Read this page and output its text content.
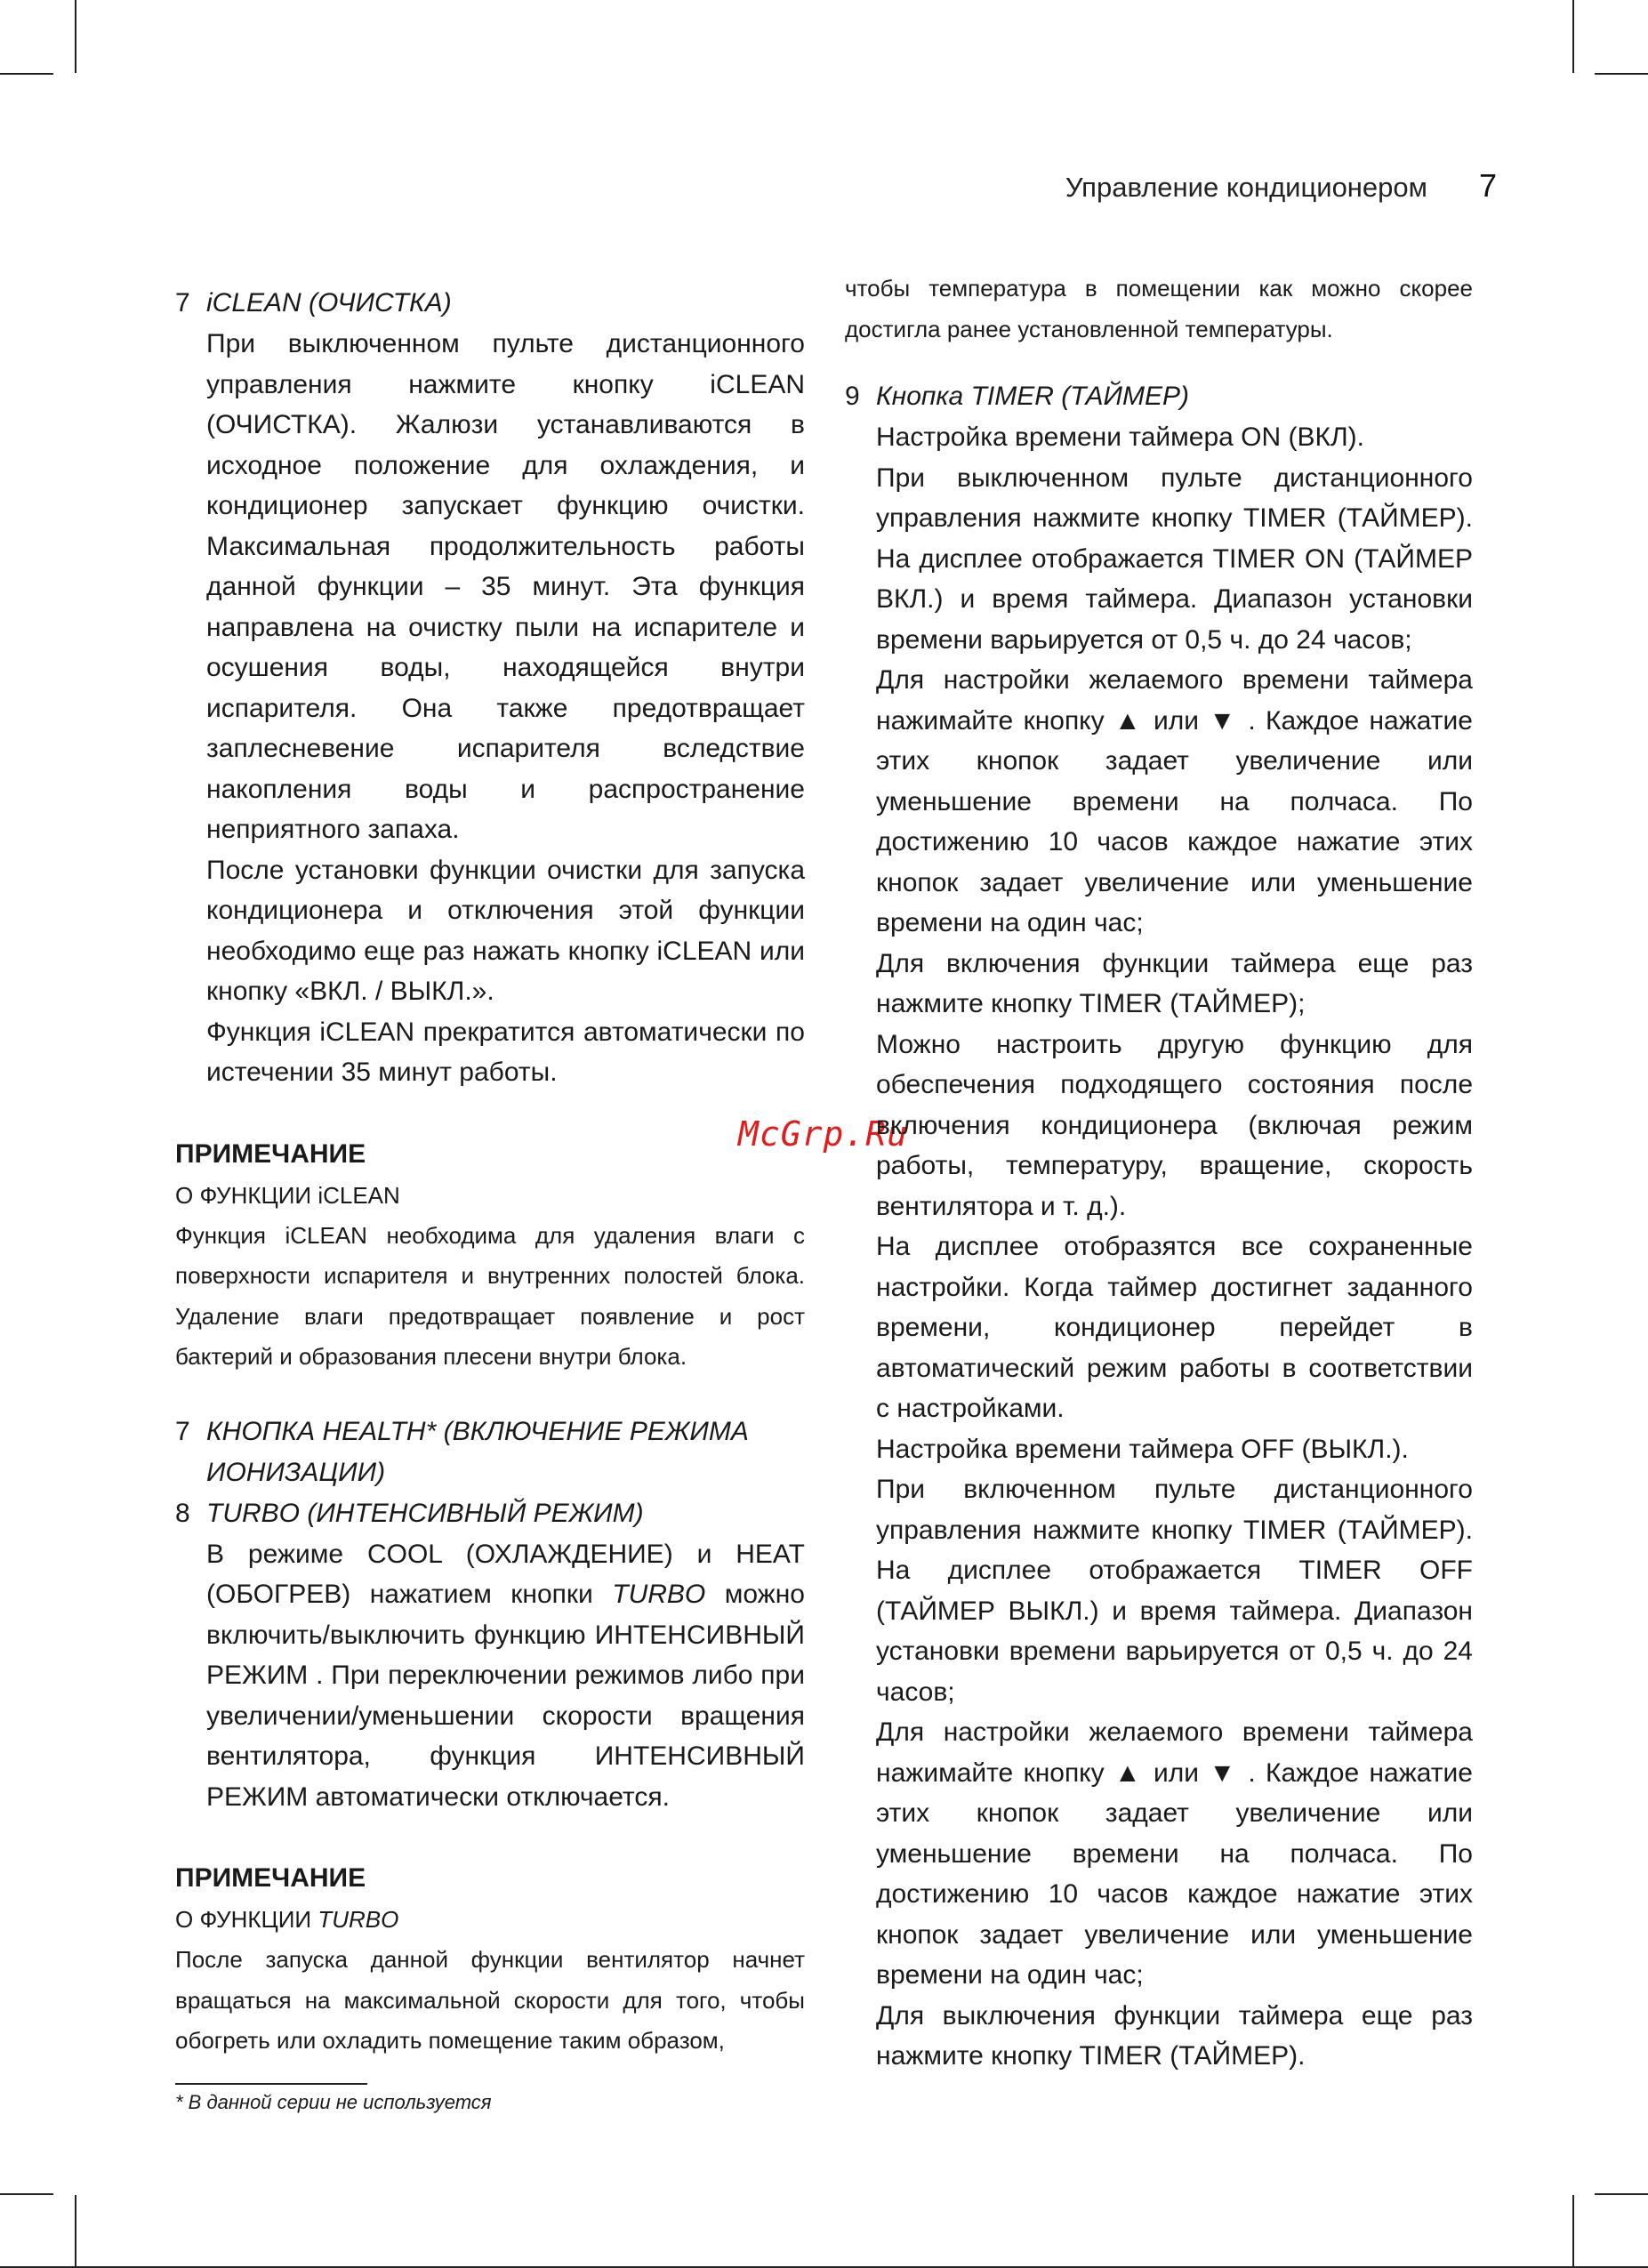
Управление кондиционером 7
McGrp.Ru
7 iCLEAN (ОЧИСТКА)

При выключенном пульте дистанционного управления нажмите кнопку iCLEAN (ОЧИСТКА). Жалюзи устанавливаются в исходное положение для охлаждения, и кондиционер запускает функцию очистки. Максимальная продолжительность работы данной функции – 35 минут. Эта функция направлена на очистку пыли на испарителе и осушения воды, находящейся внутри испарителя. Она также предотвращает заплесневение испарителя вследствие накопления воды и распространение неприятного запаха.

После установки функции очистки для запуска кондиционера и отключения этой функции необходимо еще раз нажать кнопку iCLEAN или кнопку «ВКЛ. / ВЫКЛ.».

Функция iCLEAN прекратится автоматически по истечении 35 минут работы.

ПРИМЕЧАНИЕ
О ФУНКЦИИ iCLEAN

Функция iCLEAN необходима для удаления влаги с поверхности испарителя и внутренних полостей блока. Удаление влаги предотвращает появление и рост бактерий и образования плесени внутри блока.

7 КНОПКА HEALTH* (ВКЛЮЧЕНИЕ РЕЖИМА ИОНИЗАЦИИ)
8 TURBO (ИНТЕНСИВНЫЙ РЕЖИМ)

В режиме COOL (ОХЛАЖДЕНИЕ) и HEAT (ОБОГРЕВ) нажатием кнопки TURBO можно включить/выключить функцию ИНТЕНСИВНЫЙ РЕЖИМ . При переключении режимов либо при увеличении/уменьшении скорости вращения вентилятора, функция ИНТЕНСИВНЫЙ РЕЖИМ автоматически отключается.

ПРИМЕЧАНИЕ
О ФУНКЦИИ TURBO

После запуска данной функции вентилятор начнет вращаться на максимальной скорости для того, чтобы обогреть или охладить помещение таким образом,

* В данной серии не используется

чтобы температура в помещении как можно скорее достигла ранее установленной температуры.

9 Кнопка TIMER (ТАЙМЕР)

Настройка времени таймера ON (ВКЛ).

При выключенном пульте дистанционного управления нажмите кнопку TIMER (ТАЙМЕР). На дисплее отображается TIMER ON (ТАЙМЕР ВКЛ.) и время таймера. Диапазон установки времени варьируется от 0,5 ч. до 24 часов;

Для настройки желаемого времени таймера нажимайте кнопку ▲ или ▼ . Каждое нажатие этих кнопок задает увеличение или уменьшение времени на полчаса. По достижению 10 часов каждое нажатие этих кнопок задает увеличение или уменьшение времени на один час;

Для включения функции таймера еще раз нажмите кнопку TIMER (ТАЙМЕР);

Можно настроить другую функцию для обеспечения подходящего состояния после включения кондиционера (включая режим работы, температуру, вращение, скорость вентилятора и т. д.).

На дисплее отобразятся все сохраненные настройки. Когда таймер достигнет заданного времени, кондиционер перейдет в автоматический режим работы в соответствии с настройками.

Настройка времени таймера OFF (ВЫКЛ.).

При включенном пульте дистанционного управления нажмите кнопку TIMER (ТАЙМЕР). На дисплее отображается TIMER OFF (ТАЙМЕР ВЫКЛ.) и время таймера. Диапазон установки времени варьируется от 0,5 ч. до 24 часов;

Для настройки желаемого времени таймера нажимайте кнопку ▲ или ▼ . Каждое нажатие этих кнопок задает увеличение или уменьшение времени на полчаса. По достижению 10 часов каждое нажатие этих кнопок задает увеличение или уменьшение времени на один час;

Для выключения функции таймера еще раз нажмите кнопку TIMER (ТАЙМЕР).
